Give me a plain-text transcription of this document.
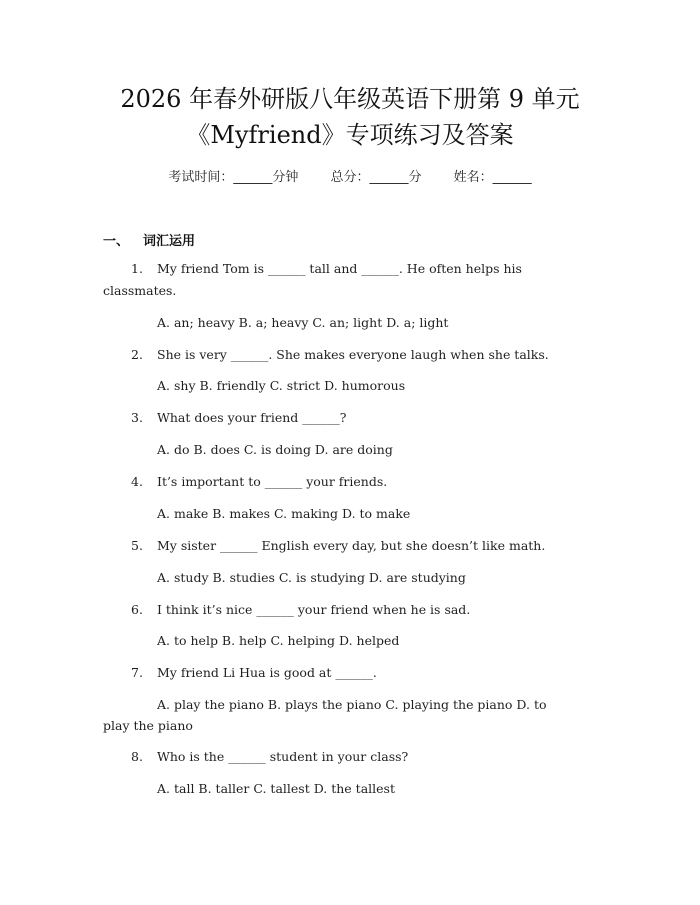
2026 年春外研版八年级英语下册第 9 单元
《Myfriend》专项练习及答案
考试时间：______分钟 总分：______分 姓名：______
一、 词汇运用
1. My friend Tom is ______ tall and ______. He often helps his
classmates.
A. an; heavy B. a; heavy C. an; light D. a; light
2. She is very ______. She makes everyone laugh when she talks.
A. shy B. friendly C. strict D. humorous
3. What does your friend ______?
A. do B. does C. is doing D. are doing
4. It’s important to ______ your friends.
A. make B. makes C. making D. to make
5. My sister ______ English every day, but she doesn’t like math.
A. study B. studies C. is studying D. are studying
6. I think it’s nice ______ your friend when he is sad.
A. to help B. help C. helping D. helped
7. My friend Li Hua is good at ______.
A. play the piano B. plays the piano C. playing the piano D. to
play the piano
8. Who is the ______ student in your class?
A. tall B. taller C. tallest D. the tallest
